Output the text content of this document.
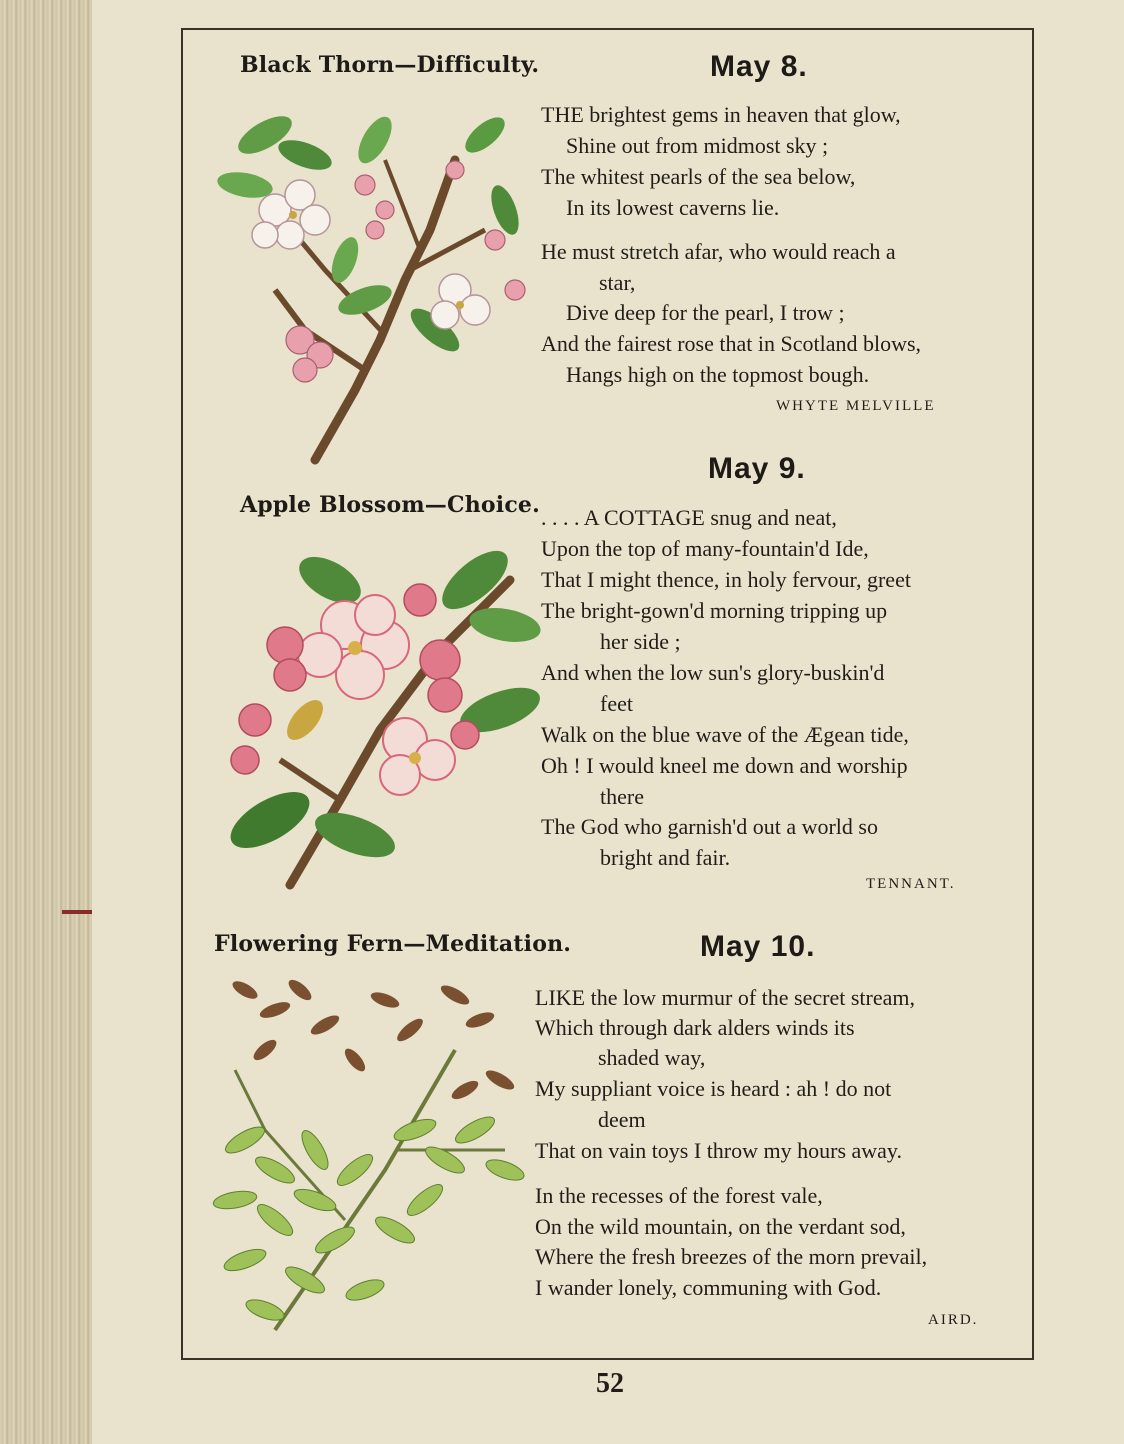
Black Thorn—Difficulty.
Apple Blossom—Choice.
Flowering Fern—Meditation.
May 8.
THE brightest gems in heaven that glow,
Shine out from midmost sky ;
The whitest pearls of the sea below,
In its lowest caverns lie.
He must stretch afar, who would reach a
star,
Dive deep for the pearl, I trow ;
And the fairest rose that in Scotland blows,
Hangs high on the topmost bough.
WHYTE MELVILLE
May 9.
. . . . A COTTAGE snug and neat,
Upon the top of many-fountain'd Ide,
That I might thence, in holy fervour, greet
The bright-gown'd morning tripping up
her side ;
And when the low sun's glory-buskin'd
feet
Walk on the blue wave of the Ægean tide,
Oh ! I would kneel me down and worship
there
The God who garnish'd out a world so
bright and fair.
TENNANT.
May 10.
LIKE the low murmur of the secret stream,
Which through dark alders winds its
shaded way,
My suppliant voice is heard : ah ! do not
deem
That on vain toys I throw my hours away.
In the recesses of the forest vale,
On the wild mountain, on the verdant sod,
Where the fresh breezes of the morn prevail,
I wander lonely, communing with God.
AIRD.
52
